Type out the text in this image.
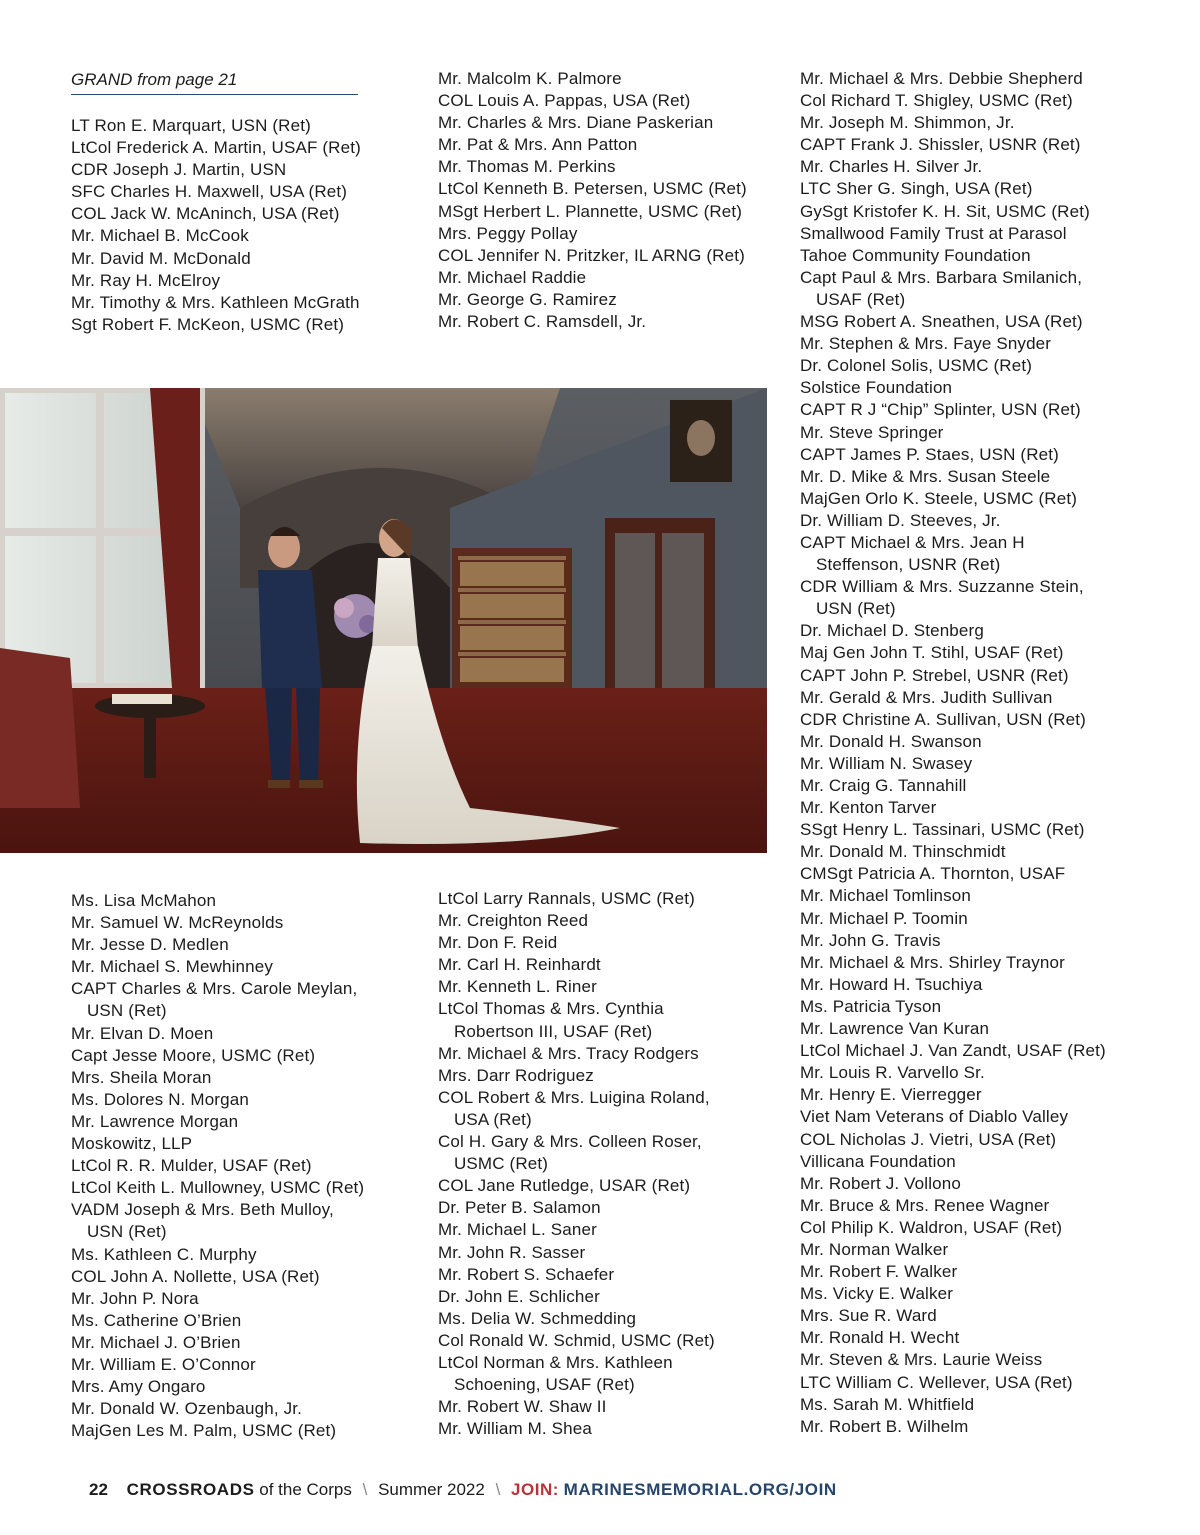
GRAND from page 21
LT Ron E. Marquart, USN (Ret)
LtCol Frederick A. Martin, USAF (Ret)
CDR Joseph J. Martin, USN
SFC Charles H. Maxwell, USA (Ret)
COL Jack W. McAninch, USA (Ret)
Mr. Michael B. McCook
Mr. David M. McDonald
Mr. Ray H. McElroy
Mr. Timothy & Mrs. Kathleen McGrath
Sgt Robert F. McKeon, USMC (Ret)
Mr. Malcolm K. Palmore
COL Louis A. Pappas, USA (Ret)
Mr. Charles & Mrs. Diane Paskerian
Mr. Pat & Mrs. Ann Patton
Mr. Thomas M. Perkins
LtCol Kenneth B. Petersen, USMC (Ret)
MSgt Herbert L. Plannette, USMC (Ret)
Mrs. Peggy Pollay
COL Jennifer N. Pritzker, IL ARNG (Ret)
Mr. Michael Raddie
Mr. George G. Ramirez
Mr. Robert C. Ramsdell, Jr.
Mr. Michael & Mrs. Debbie Shepherd
Col Richard T. Shigley, USMC (Ret)
Mr. Joseph M. Shimmon, Jr.
CAPT Frank J. Shissler, USNR (Ret)
Mr. Charles H. Silver Jr.
LTC Sher G. Singh, USA (Ret)
GySgt Kristofer K. H. Sit, USMC (Ret)
Smallwood Family Trust at Parasol
Tahoe Community Foundation
Capt Paul & Mrs. Barbara Smilanich,
USAF (Ret)
MSG Robert A. Sneathen, USA (Ret)
Mr. Stephen & Mrs. Faye Snyder
Dr. Colonel Solis, USMC (Ret)
Solstice Foundation
CAPT R J “Chip” Splinter, USN (Ret)
Mr. Steve Springer
CAPT James P. Staes, USN (Ret)
Mr. D. Mike & Mrs. Susan Steele
MajGen Orlo K. Steele, USMC (Ret)
Dr. William D. Steeves, Jr.
CAPT Michael & Mrs. Jean H
Steffenson, USNR (Ret)
CDR William & Mrs. Suzzanne Stein,
USN (Ret)
Dr. Michael D. Stenberg
Maj Gen John T. Stihl, USAF (Ret)
CAPT John P. Strebel, USNR (Ret)
Mr. Gerald & Mrs. Judith Sullivan
CDR Christine A. Sullivan, USN (Ret)
Mr. Donald H. Swanson
Mr. William N. Swasey
Mr. Craig G. Tannahill
Mr. Kenton Tarver
SSgt Henry L. Tassinari, USMC (Ret)
Mr. Donald M. Thinschmidt
CMSgt Patricia A. Thornton, USAF
Mr. Michael Tomlinson
Mr. Michael P. Toomin
Mr. John G. Travis
Mr. Michael & Mrs. Shirley Traynor
Mr. Howard H. Tsuchiya
Ms. Patricia Tyson
Mr. Lawrence Van Kuran
LtCol Michael J. Van Zandt, USAF (Ret)
Mr. Louis R. Varvello Sr.
Mr. Henry E. Vierregger
Viet Nam Veterans of Diablo Valley
COL Nicholas J. Vietri, USA (Ret)
Villicana Foundation
Mr. Robert J. Vollono
Mr. Bruce & Mrs. Renee Wagner
Col Philip K. Waldron, USAF (Ret)
Mr. Norman Walker
Mr. Robert F. Walker
Ms. Vicky E. Walker
Mrs. Sue R. Ward
Mr. Ronald H. Wecht
Mr. Steven & Mrs. Laurie Weiss
LTC William C. Wellever, USA (Ret)
Ms. Sarah M. Whitfield
Mr. Robert B. Wilhelm
Ms. Lisa McMahon
Mr. Samuel W. McReynolds
Mr. Jesse D. Medlen
Mr. Michael S. Mewhinney
CAPT Charles & Mrs. Carole Meylan,
USN (Ret)
Mr. Elvan D. Moen
Capt Jesse Moore, USMC (Ret)
Mrs. Sheila Moran
Ms. Dolores N. Morgan
Mr. Lawrence Morgan
Moskowitz, LLP
LtCol R. R. Mulder, USAF (Ret)
LtCol Keith L. Mullowney, USMC (Ret)
VADM Joseph & Mrs. Beth Mulloy,
USN (Ret)
Ms. Kathleen C. Murphy
COL John A. Nollette, USA (Ret)
Mr. John P. Nora
Ms. Catherine O’Brien
Mr. Michael J. O’Brien
Mr. William E. O’Connor
Mrs. Amy Ongaro
Mr. Donald W. Ozenbaugh, Jr.
MajGen Les M. Palm, USMC (Ret)
LtCol Larry Rannals, USMC (Ret)
Mr. Creighton Reed
Mr. Don F. Reid
Mr. Carl H. Reinhardt
Mr. Kenneth L. Riner
LtCol Thomas & Mrs. Cynthia
Robertson III, USAF (Ret)
Mr. Michael & Mrs. Tracy Rodgers
Mrs. Darr Rodriguez
COL Robert & Mrs. Luigina Roland,
USA (Ret)
Col H. Gary & Mrs. Colleen Roser,
USMC (Ret)
COL Jane Rutledge, USAR (Ret)
Dr. Peter B. Salamon
Mr. Michael L. Saner
Mr. John R. Sasser
Mr. Robert S. Schaefer
Dr. John E. Schlicher
Ms. Delia W. Schmedding
Col Ronald W. Schmid, USMC (Ret)
LtCol Norman & Mrs. Kathleen
Schoening, USAF (Ret)
Mr. Robert W. Shaw II
Mr. William M. Shea
22 CROSSROADS of the Corps \ Summer 2022 \ JOIN: MARINESMEMORIAL.ORG/JOIN
